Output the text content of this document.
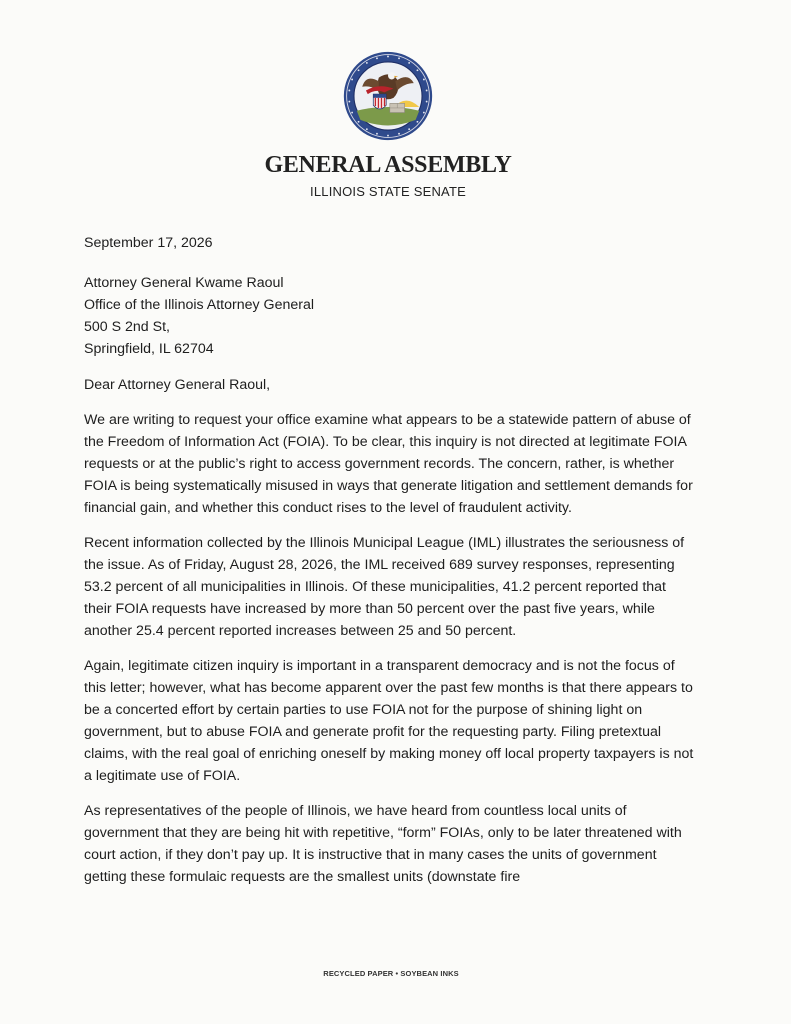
GENERAL ASSEMBLY
ILLINOIS STATE SENATE

September 17, 2026

Attorney General Kwame Raoul
Office of the Illinois Attorney General
500 S 2nd St,
Springfield, IL 62704

Dear Attorney General Raoul,

We are writing to request your office examine what appears to be a statewide pattern of abuse of the Freedom of Information Act (FOIA). To be clear, this inquiry is not directed at legitimate FOIA requests or at the public’s right to access government records. The concern, rather, is whether FOIA is being systematically misused in ways that generate litigation and settlement demands for financial gain, and whether this conduct rises to the level of fraudulent activity.

Recent information collected by the Illinois Municipal League (IML) illustrates the seriousness of the issue. As of Friday, August 28, 2026, the IML received 689 survey responses, representing 53.2 percent of all municipalities in Illinois. Of these municipalities, 41.2 percent reported that their FOIA requests have increased by more than 50 percent over the past five years, while another 25.4 percent reported increases between 25 and 50 percent.

Again, legitimate citizen inquiry is important in a transparent democracy and is not the focus of this letter; however, what has become apparent over the past few months is that there appears to be a concerted effort by certain parties to use FOIA not for the purpose of shining light on government, but to abuse FOIA and generate profit for the requesting party. Filing pretextual claims, with the real goal of enriching oneself by making money off local property taxpayers is not a legitimate use of FOIA.

As representatives of the people of Illinois, we have heard from countless local units of government that they are being hit with repetitive, “form” FOIAs, only to be later threatened with court action, if they don’t pay up. It is instructive that in many cases the units of government getting these formulaic requests are the smallest units (downstate fire

RECYCLED PAPER • SOYBEAN INKS
